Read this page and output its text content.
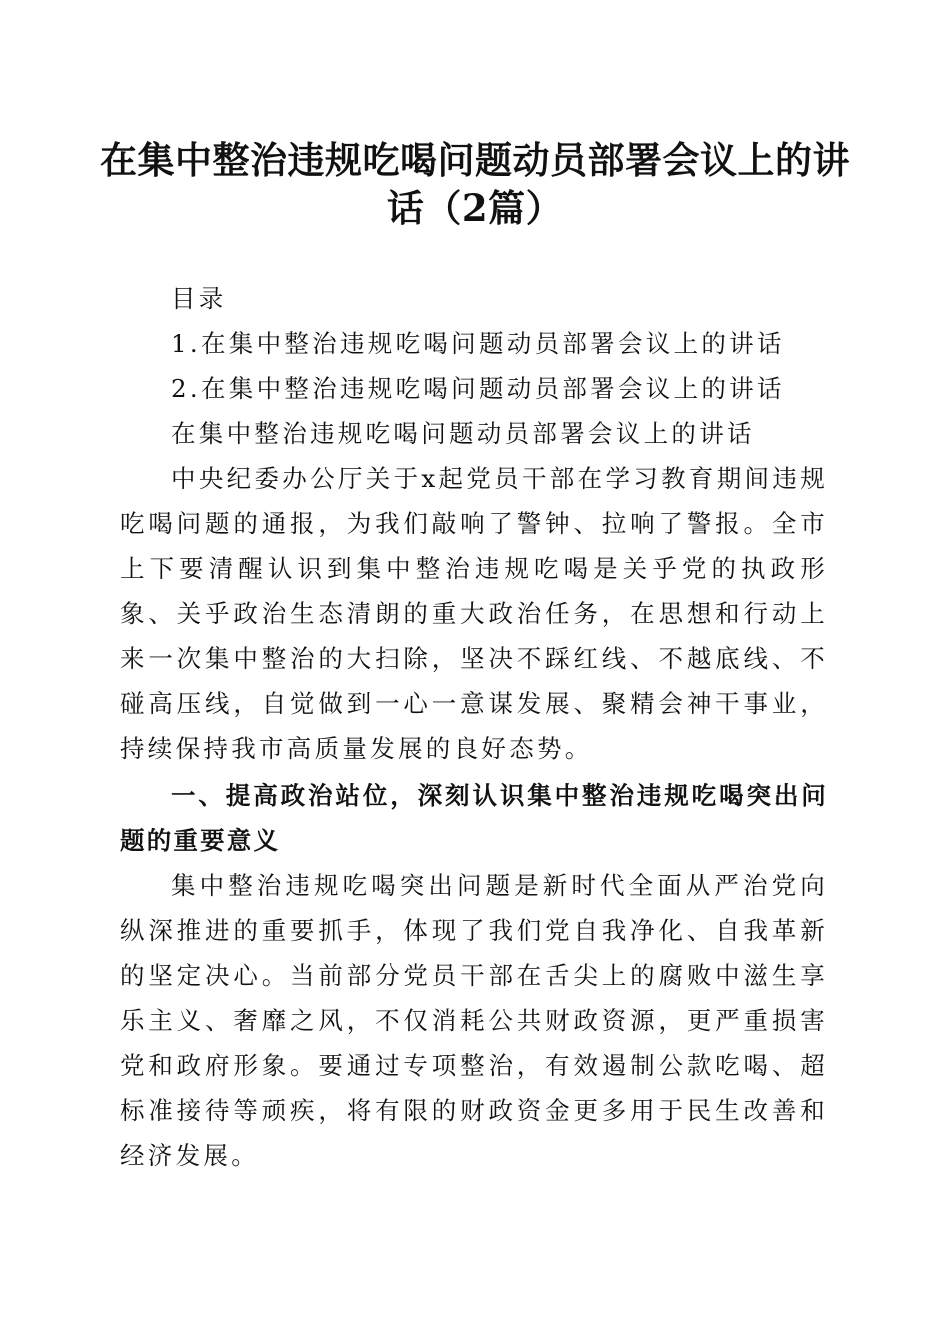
在集中整治违规吃喝问题动员部署会议上的讲话（2篇）

目录

1.在集中整治违规吃喝问题动员部署会议上的讲话

2.在集中整治违规吃喝问题动员部署会议上的讲话

在集中整治违规吃喝问题动员部署会议上的讲话

中央纪委办公厅关于x起党员干部在学习教育期间违规吃喝问题的通报，为我们敲响了警钟、拉响了警报。全市上下要清醒认识到集中整治违规吃喝是关乎党的执政形象、关乎政治生态清朗的重大政治任务，在思想和行动上来一次集中整治的大扫除，坚决不踩红线、不越底线、不碰高压线，自觉做到一心一意谋发展、聚精会神干事业，持续保持我市高质量发展的良好态势。

一、提高政治站位，深刻认识集中整治违规吃喝突出问题的重要意义

集中整治违规吃喝突出问题是新时代全面从严治党向纵深推进的重要抓手，体现了我们党自我净化、自我革新的坚定决心。当前部分党员干部在舌尖上的腐败中滋生享乐主义、奢靡之风，不仅消耗公共财政资源，更严重损害党和政府形象。要通过专项整治，有效遏制公款吃喝、超标准接待等顽疾，将有限的财政资金更多用于民生改善和经济发展。
